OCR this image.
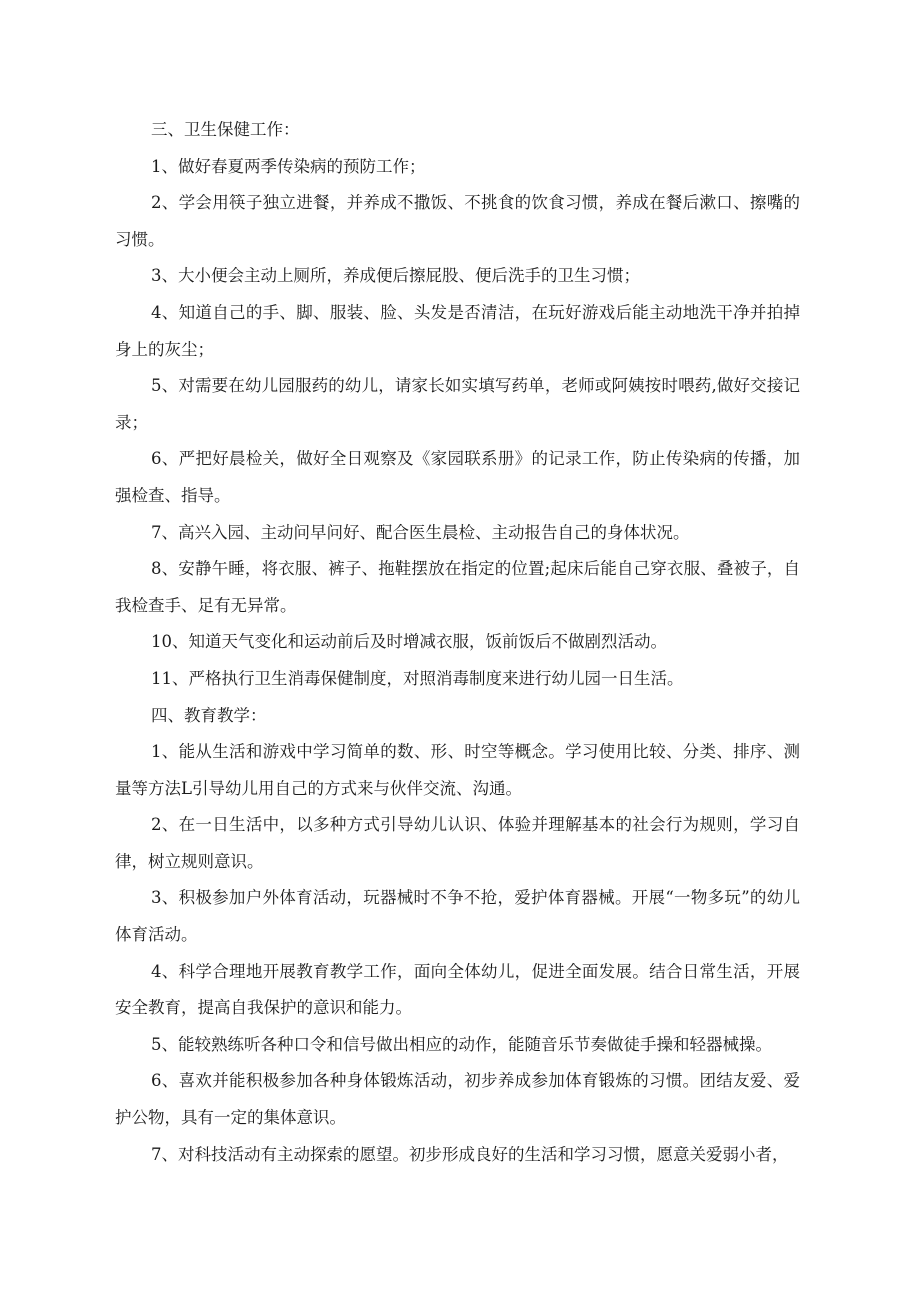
三、卫生保健工作：

1、做好春夏两季传染病的预防工作；

2、学会用筷子独立进餐，并养成不撒饭、不挑食的饮食习惯，养成在餐后漱口、擦嘴的习惯。

3、大小便会主动上厕所，养成便后擦屁股、便后洗手的卫生习惯；

4、知道自己的手、脚、服装、脸、头发是否清洁，在玩好游戏后能主动地洗干净并拍掉身上的灰尘；

5、对需要在幼儿园服药的幼儿，请家长如实填写药单，老师或阿姨按时喂药,做好交接记录；

6、严把好晨检关，做好全日观察及《家园联系册》的记录工作，防止传染病的传播，加强检查、指导。

7、高兴入园、主动问早问好、配合医生晨检、主动报告自己的身体状况。

8、安静午睡，将衣服、裤子、拖鞋摆放在指定的位置;起床后能自己穿衣服、叠被子，自我检查手、足有无异常。

10、知道天气变化和运动前后及时增减衣服，饭前饭后不做剧烈活动。

11、严格执行卫生消毒保健制度，对照消毒制度来进行幼儿园一日生活。

四、教育教学：

1、能从生活和游戏中学习简单的数、形、时空等概念。学习使用比较、分类、排序、测量等方法L引导幼儿用自己的方式来与伙伴交流、沟通。

2、在一日生活中，以多种方式引导幼儿认识、体验并理解基本的社会行为规则，学习自律，树立规则意识。

3、积极参加户外体育活动，玩器械时不争不抢，爱护体育器械。开展“一物多玩”的幼儿体育活动。

4、科学合理地开展教育教学工作，面向全体幼儿，促进全面发展。结合日常生活，开展安全教育，提高自我保护的意识和能力。

5、能较熟练听各种口令和信号做出相应的动作，能随音乐节奏做徒手操和轻器械操。

6、喜欢并能积极参加各种身体锻炼活动，初步养成参加体育锻炼的习惯。团结友爱、爱护公物，具有一定的集体意识。

7、对科技活动有主动探索的愿望。初步形成良好的生活和学习习惯，愿意关爱弱小者，
